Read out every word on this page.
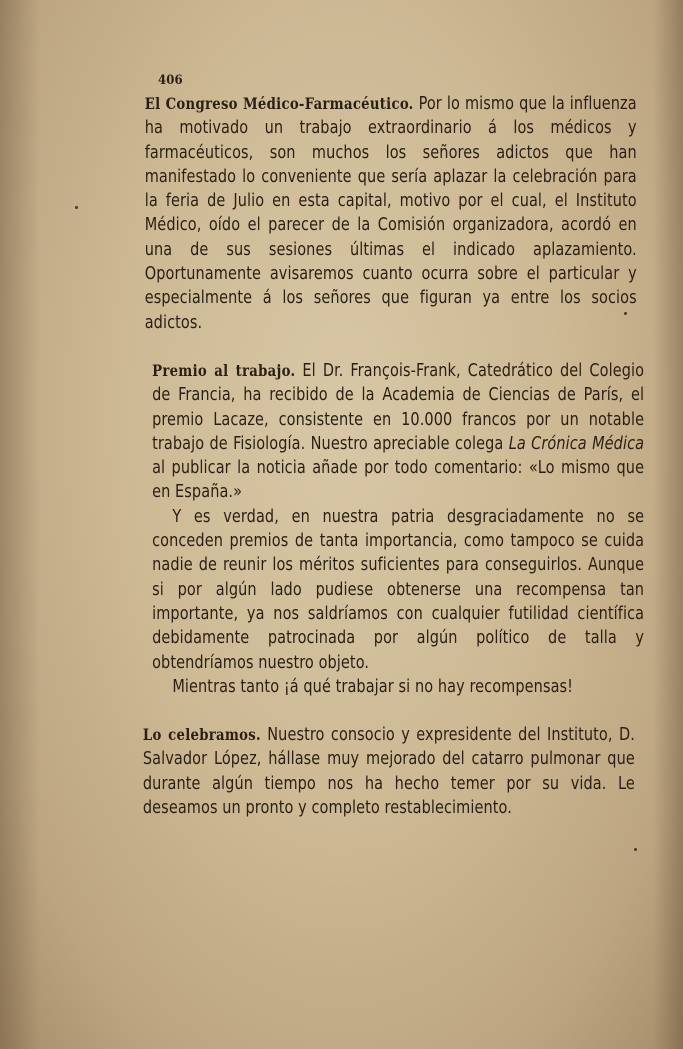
406

El Congreso Médico-Farmacéutico. Por lo mismo que la influenza ha motivado un trabajo extraordinario á los médicos y farmacéuticos, son muchos los señores adictos que han manifestado lo conveniente que sería aplazar la celebración para la feria de Julio en esta capital, motivo por el cual, el Instituto Médico, oído el parecer de la Comisión organizadora, acordó en una de sus sesiones últimas el indicado aplazamiento. Oportunamente avisaremos cuanto ocurra sobre el particular y especialmente á los señores que figuran ya entre los socios adictos.

Premio al trabajo. El Dr. François-Frank, Catedrático del Colegio de Francia, ha recibido de la Academia de Ciencias de París, el premio Lacaze, consistente en 10.000 francos por un notable trabajo de Fisiología. Nuestro apreciable colega La Crónica Médica al publicar la noticia añade por todo comentario: «Lo mismo que en España.»

Y es verdad, en nuestra patria desgraciadamente no se conceden premios de tanta importancia, como tampoco se cuida nadie de reunir los méritos suficientes para conseguirlos. Aunque si por algún lado pudiese obtenerse una recompensa tan importante, ya nos saldríamos con cualquier futilidad científica debidamente patrocinada por algún político de talla y obtendríamos nuestro objeto.

Mientras tanto ¡á qué trabajar si no hay recompensas!

Lo celebramos. Nuestro consocio y expresidente del Instituto, D. Salvador López, hállase muy mejorado del catarro pulmonar que durante algún tiempo nos ha hecho temer por su vida. Le deseamos un pronto y completo restablecimiento.
